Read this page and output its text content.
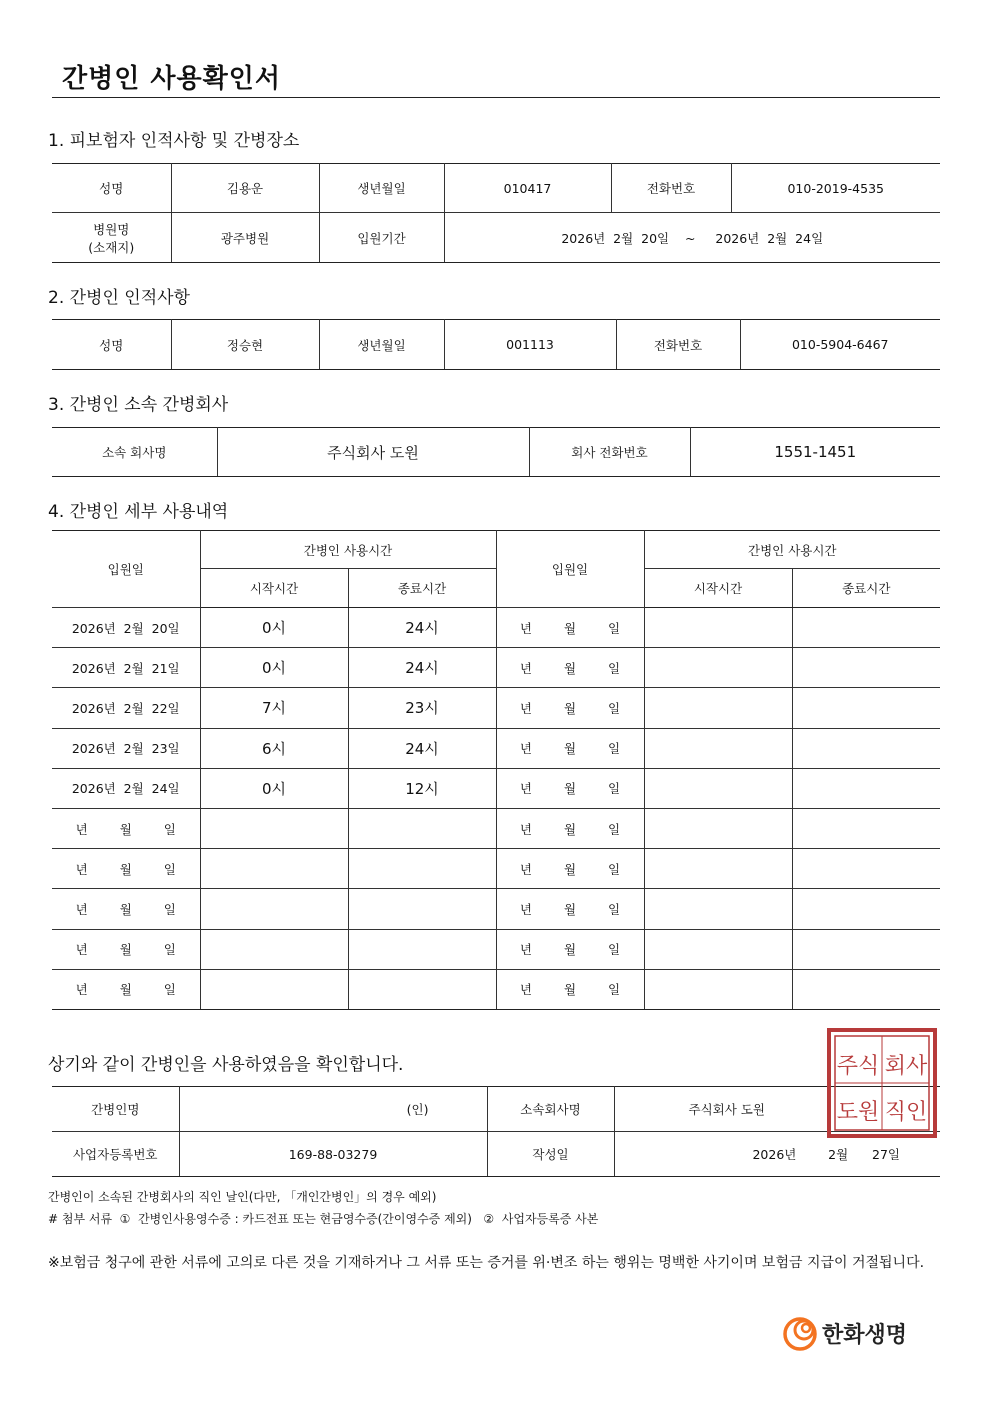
간병인 사용확인서
1. 피보험자 인적사항 및 간병장소
성명	김용운	생년월일	010417	전화번호	010-2019-4535

병원명
(소재지)	광주병원	입원기간	2026년  2월  20일    ~     2026년  2월  24일		
2. 간병인 인적사항
성명	정승현	생년월일	001113	전화번호	010-5904-6467
3. 간병인 소속 간병회사
소속 회사명	주식회사 도원	회사 전화번호	1551-1451
4. 간병인 세부 사용내역
입원일	간병인 사용시간		입원일	간병인 사용시간	
	시작시간	종료시간		시작시간	종료시간
2026년  2월  20일	0시	24시	년 월 일		
2026년  2월  21일	0시	24시	년 월 일		
2026년  2월  22일	7시	23시	년 월 일		
2026년  2월  23일	6시	24시	년 월 일		
2026년  2월  24일	0시	12시	년 월 일		
년 월 일			년 월 일		
년 월 일			년 월 일		
년 월 일			년 월 일		
년 월 일			년 월 일		
년 월 일			년 월 일		
상기와 같이 간병인을 사용하였음을 확인합니다.
간병인명	(인)	소속회사명	주식회사 도원
사업자등록번호	169-88-03279	작성일	2026년        2월      27일
주식 회사
도원 직인
간병인이 소속된 간병회사의 직인 날인(다만, 「개인간병인」의 경우 예외)
# 첨부 서류  ①  간병인사용영수증 : 카드전표 또는 현금영수증(간이영수증 제외)   ②  사업자등록증 사본
※보험금 청구에 관한 서류에 고의로 다른 것을 기재하거나 그 서류 또는 증거를 위·변조 하는 행위는 명백한 사기이며 보험금 지급이 거절됩니다.
한화생명
